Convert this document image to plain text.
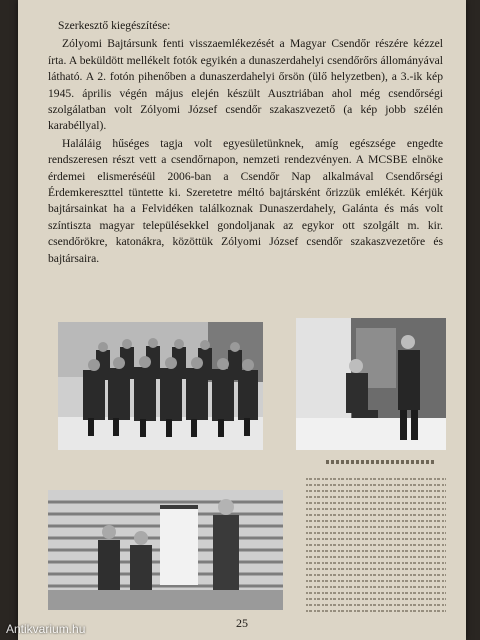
Szerkesztő kiegészítése:

Zólyomi Bajtársunk fenti visszaemlékezését a Magyar Csendőr részére kézzel írta. A beküldött mellékelt fotók egyikén a dunaszerdahelyi csendőrőrs állományával látható. A 2. fotón pihenőben a dunaszerdahelyi őrsön (ülő helyzetben), a 3.-ik kép 1945. április végén május elején készült Ausztriában ahol még csendőrségi szolgálatban volt Zólyomi József csendőr szakaszvezető (a kép jobb szélén karabéllyal).

Haláláig hűséges tagja volt egyesületünknek, amíg egészsége engedte rendszeresen részt vett a csendőrnapon, nemzeti rendezvényen. A MCSBE elnöke érdemei elismeréséül 2006-ban a Csendőr Nap alkalmával Csendőrségi Érdemkereszttel tüntette ki. Szeretetre méltó bajtársként őrizzük emlékét. Kérjük bajtársainkat ha a Felvidéken találkoznak Dunaszerdahely, Galánta és más volt színtiszta magyar településekkel gondoljanak az egykor ott szolgált m. kir. csendőrökre, katonákra, közöttük Zólyomi József csendőr szakaszvezetőre és bajtársaira.

25
Antikvarium.hu
